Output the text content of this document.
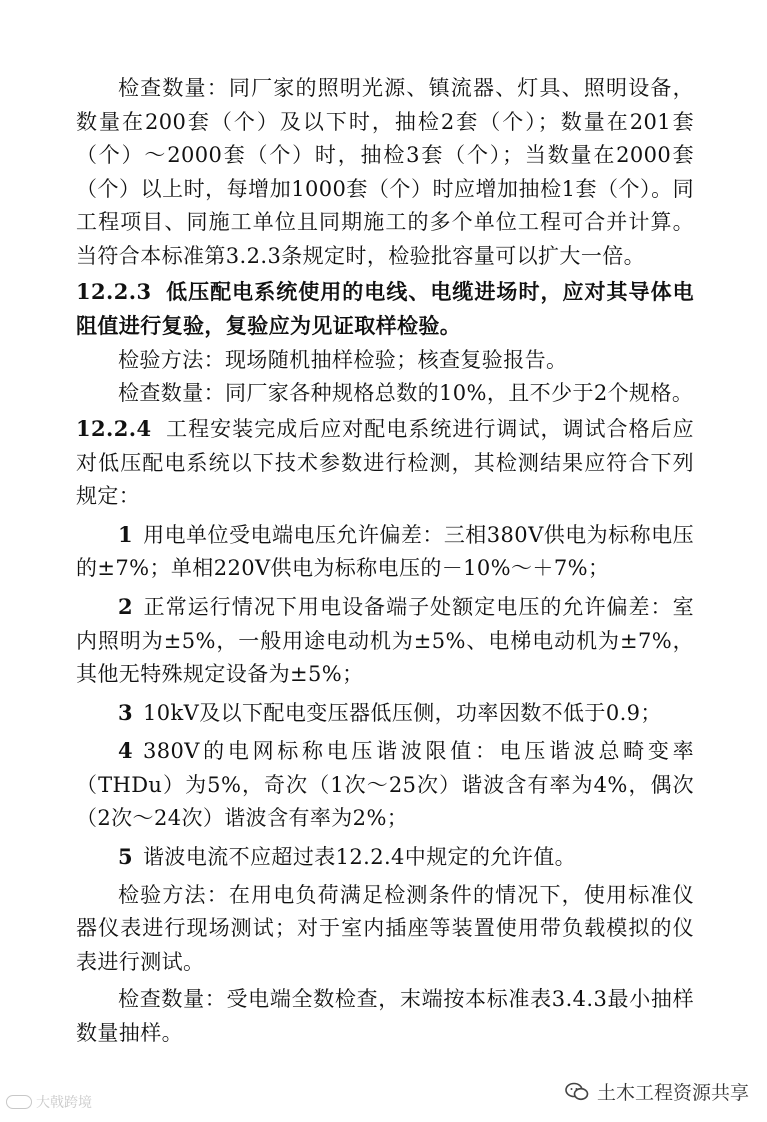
检查数量：同厂家的照明光源、镇流器、灯具、照明设备，数量在200套（个）及以下时，抽检2套（个）；数量在201套（个）～2000套（个）时，抽检3套（个）；当数量在2000套（个）以上时，每增加1000套（个）时应增加抽检1套（个）。同工程项目、同施工单位且同期施工的多个单位工程可合并计算。当符合本标准第3.2.3条规定时，检验批容量可以扩大一倍。

12.2.3 低压配电系统使用的电线、电缆进场时，应对其导体电阻值进行复验，复验应为见证取样检验。

检验方法：现场随机抽样检验；核查复验报告。

检查数量：同厂家各种规格总数的10%，且不少于2个规格。

12.2.4 工程安装完成后应对配电系统进行调试，调试合格后应对低压配电系统以下技术参数进行检测，其检测结果应符合下列规定：

1 用电单位受电端电压允许偏差：三相380V供电为标称电压的±7%；单相220V供电为标称电压的－10%～＋7%；

2 正常运行情况下用电设备端子处额定电压的允许偏差：室内照明为±5%，一般用途电动机为±5%、电梯电动机为±7%，其他无特殊规定设备为±5%；

3 10kV及以下配电变压器低压侧，功率因数不低于0.9；

4 380V的电网标称电压谐波限值：电压谐波总畸变率（THDu）为5%，奇次（1次～25次）谐波含有率为4%，偶次（2次～24次）谐波含有率为2%；

5 谐波电流不应超过表12.2.4中规定的允许值。

检验方法：在用电负荷满足检测条件的情况下，使用标准仪器仪表进行现场测试；对于室内插座等装置使用带负载模拟的仪表进行测试。

检查数量：受电端全数检查，末端按本标准表3.4.3最小抽样数量抽样。

大戟跨境	土木工程资源共享
